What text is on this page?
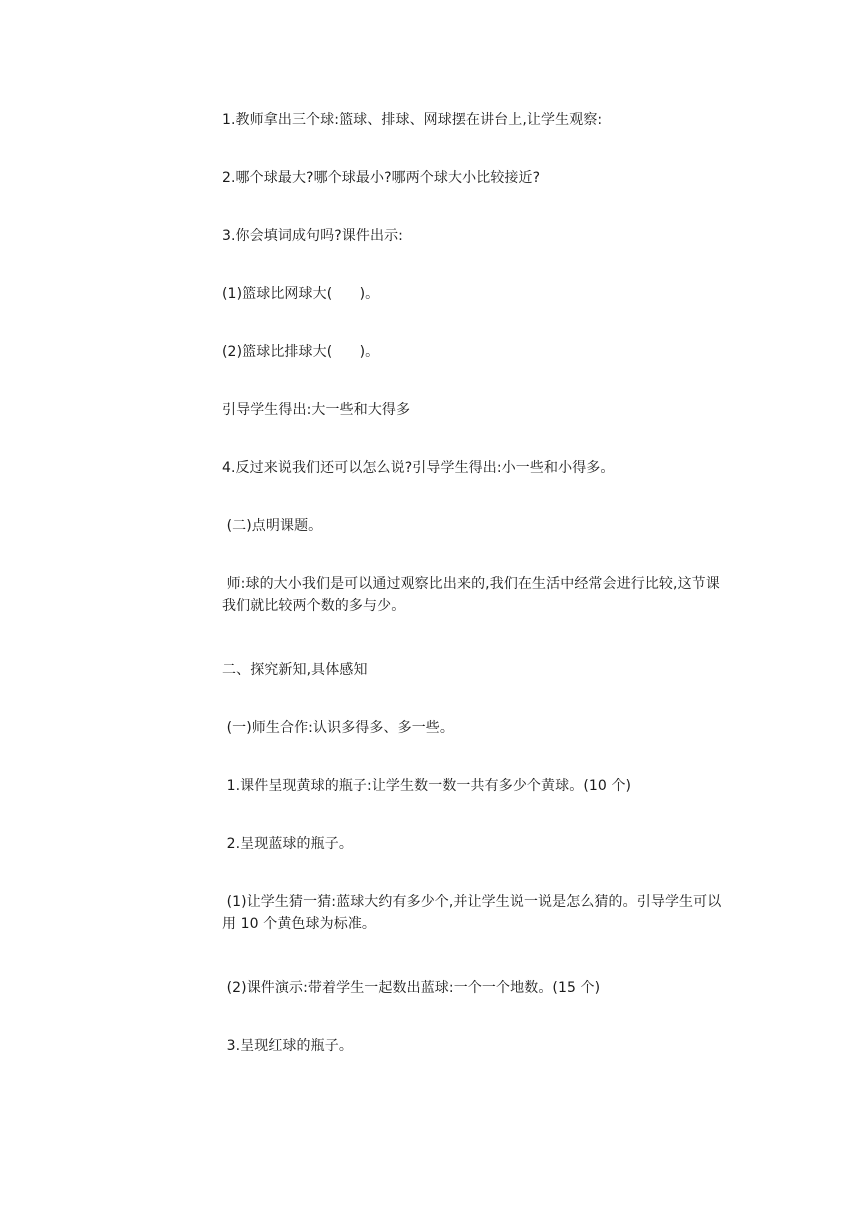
1.教师拿出三个球:篮球、排球、网球摆在讲台上,让学生观察:

2.哪个球最大?哪个球最小?哪两个球大小比较接近?

3.你会填词成句吗?课件出示:

(1)篮球比网球大(      )。

(2)篮球比排球大(      )。

引导学生得出:大一些和大得多

4.反过来说我们还可以怎么说?引导学生得出:小一些和小得多。

(二)点明课题。

师:球的大小我们是可以通过观察比出来的,我们在生活中经常会进行比较,这节课我们就比较两个数的多与少。

二、探究新知,具体感知

(一)师生合作:认识多得多、多一些。

1.课件呈现黄球的瓶子:让学生数一数一共有多少个黄球。(10 个)

2.呈现蓝球的瓶子。

(1)让学生猜一猜:蓝球大约有多少个,并让学生说一说是怎么猜的。引导学生可以用 10 个黄色球为标准。

(2)课件演示:带着学生一起数出蓝球:一个一个地数。(15 个)

3.呈现红球的瓶子。
